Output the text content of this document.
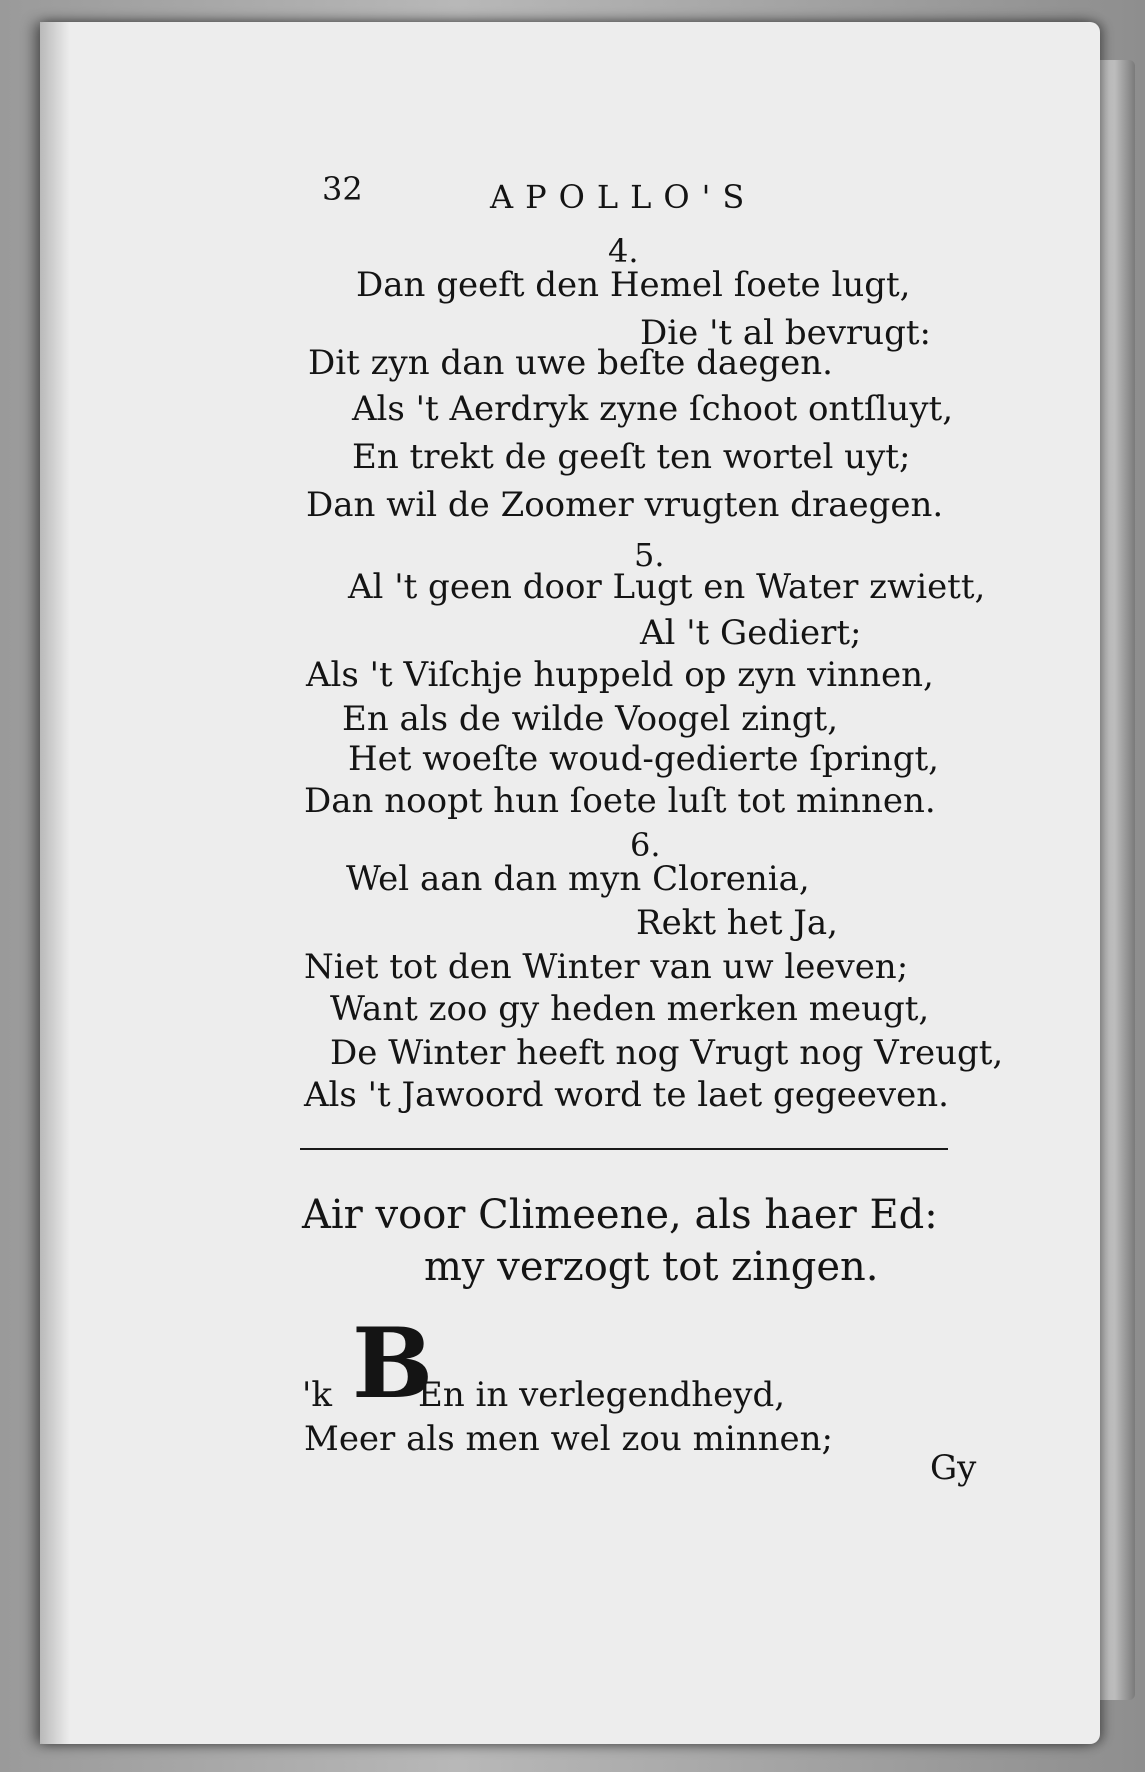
32	APOLLO'S
4.
Dan geeft den Hemel ſoete lugt,
Die 't al bevrugt:
Dit zyn dan uwe beſte daegen.
Als 't Aerdryk zyne ſchoot ontſluyt,
En trekt de geeſt ten wortel uyt;
Dan wil de Zoomer vrugten draegen.
5.
Al 't geen door Lugt en Water zwiett,
Al 't Gediert;
Als 't Viſchje huppeld op zyn vinnen,
En als de wilde Voogel zingt,
Het woeſte woud-gedierte ſpringt,
Dan noopt hun ſoete luſt tot minnen.
6.
Wel aan dan myn Clorenia,
Rekt het Ja,
Niet tot den Winter van uw leeven;
Want zoo gy heden merken meugt,
De Winter heeft nog Vrugt nog Vreugt,
Als 't Jawoord word te laet gegeeven.
Air voor Climeene, als haer Ed:
my verzogt tot zingen.
'k B
En in verlegendheyd,
Meer als men wel zou minnen;
Gy
